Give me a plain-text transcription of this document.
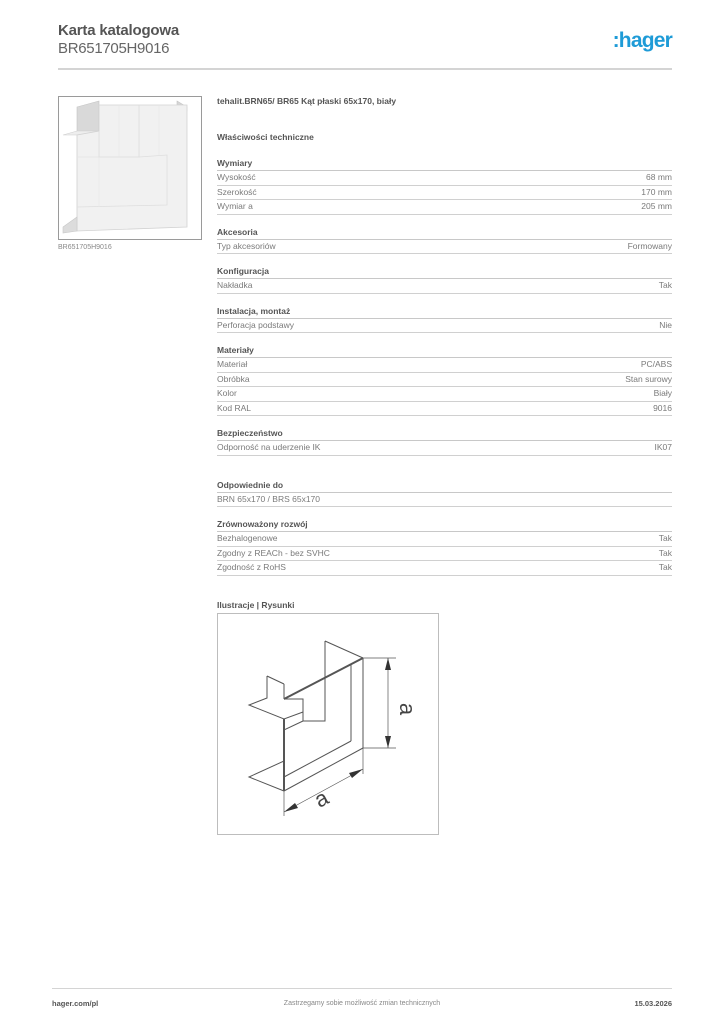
Karta katalogowa
BR651705H9016	:hager
BR651705H9016
tehalit.BRN65/ BR65 Kąt płaski 65x170, biały
Właściwości techniczne
Wymiary
Wysokość	68 mm
Szerokość	170 mm
Wymiar a	205 mm
Akcesoria
Typ akcesoriów	Formowany
Konfiguracja
Nakładka	Tak
Instalacja, montaż
Perforacja podstawy	Nie
Materiały
Materiał	PC/ABS
Obróbka	Stan surowy
Kolor	Biały
Kod RAL	9016
Bezpieczeństwo
Odporność na uderzenie IK	IK07
Odpowiednie do
BRN 65x170 / BRS 65x170
Zrównoważony rozwój
Bezhalogenowe	Tak
Zgodny z REACh - bez SVHC	Tak
Zgodność z RoHS	Tak
Ilustracje | Rysunki
a
a
hager.com/pl	Zastrzegamy sobie możliwość zmian technicznych	15.03.2026
